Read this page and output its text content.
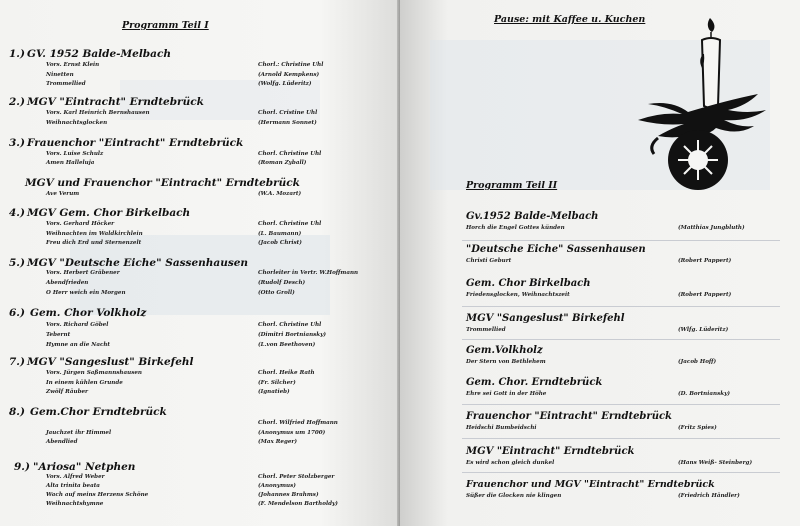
Programm Teil I
1.) GV. 1952 Balde-Melbach
Vors. Ernst Klein	Chorl.: Christine Uhl
Ninetten	(Arnold Kempkens)
Trommellied	(Wolfg. Lüderitz)
2.) MGV "Eintracht" Erndtebrück
Vors. Karl Heinrich Bernshausen	Chorl. Cristine Uhl
Weihnachtsglocken	(Hermann Sonnet)
3.) Frauenchor "Eintracht" Erndtebrück
Vors. Luise Schulz	Chorl. Christine Uhl
Amen Halleluja	(Roman Zyball)
MGV und Frauenchor "Eintracht" Erndtebrück
Ave Verum	(W.A. Mozart)
4.) MGV Gem. Chor Birkelbach
Vors. Gerhard Höcker	Chorl. Christine Uhl
Weihnachten im Waldkirchlein	(L. Baumann)
Freu dich Erd und Sternenzelt	(Jacob Christ)
5.) MGV "Deutsche Eiche" Sassenhausen
Vors. Herbert Gräbener	Chorleiter in Vertr. W.Hoffmann
Abendfrieden	(Rudolf Desch)
O Herr weich ein Morgen	(Otto Groll)
6.) Gem. Chor Volkholz
Vors. Richard Göbel	Chorl. Christine Uhl
Tebernt	(Dimitri Bortniansky)
Hymne an die Nacht	(L.von Beethoven)
7.) MGV "Sangeslust" Birkefehl
Vors. Jürgen Saßmannshausen	Chorl. Heike Rath
In einem kühlen Grunde	(Fr. Silcher)
Zwölf Räuber	(Ignatieb)
8.) Gem.Chor Erndtebrück
Chorl. Wilfried Hoffmann
Jauchzet ihr Himmel	(Anonymus um 1700)
Abendlied	(Max Reger)
9.) "Ariosa" Netphen
Vors. Alfred Weber	Chorl. Peter Stolzberger
Alta trinita beata	(Anonymus)
Wach auf meins Herzens Schöne	(Johannes Brahms)
Weihnachtshymne	(F. Mendelson Bartholdy)
Pause: mit Kaffee u. Kuchen
Programm Teil II
Gv.1952 Balde-Melbach
Horch die Engel Gottes künden	(Matthias Jungbluth)
"Deutsche Eiche" Sassenhausen
Christi Geburt	(Robert Pappert)
Gem. Chor Birkelbach
Friedensglocken, Weihnachtszeit	(Robert Pappert)
MGV "Sangeslust" Birkefehl
Trommellied	(Wlfg. Lüderitz)
Gem.Volkholz
Der Stern von Bethlehem	(Jacob Hoff)
Gem. Chor. Erndtebrück
Ehre sei Gott in der Höhe	(D. Bortniansky)
Frauenchor "Eintracht" Erndtebrück
Heidschi Bumbeidschi	(Fritz Spies)
MGV "Eintracht" Erndtebrück
Es wird schon gleich dunkel	(Hans Weiß- Steinberg)
Frauenchor und MGV "Eintracht" Erndtebrück
Süßer die Glocken nie klingen	(Friedrich Händler)
